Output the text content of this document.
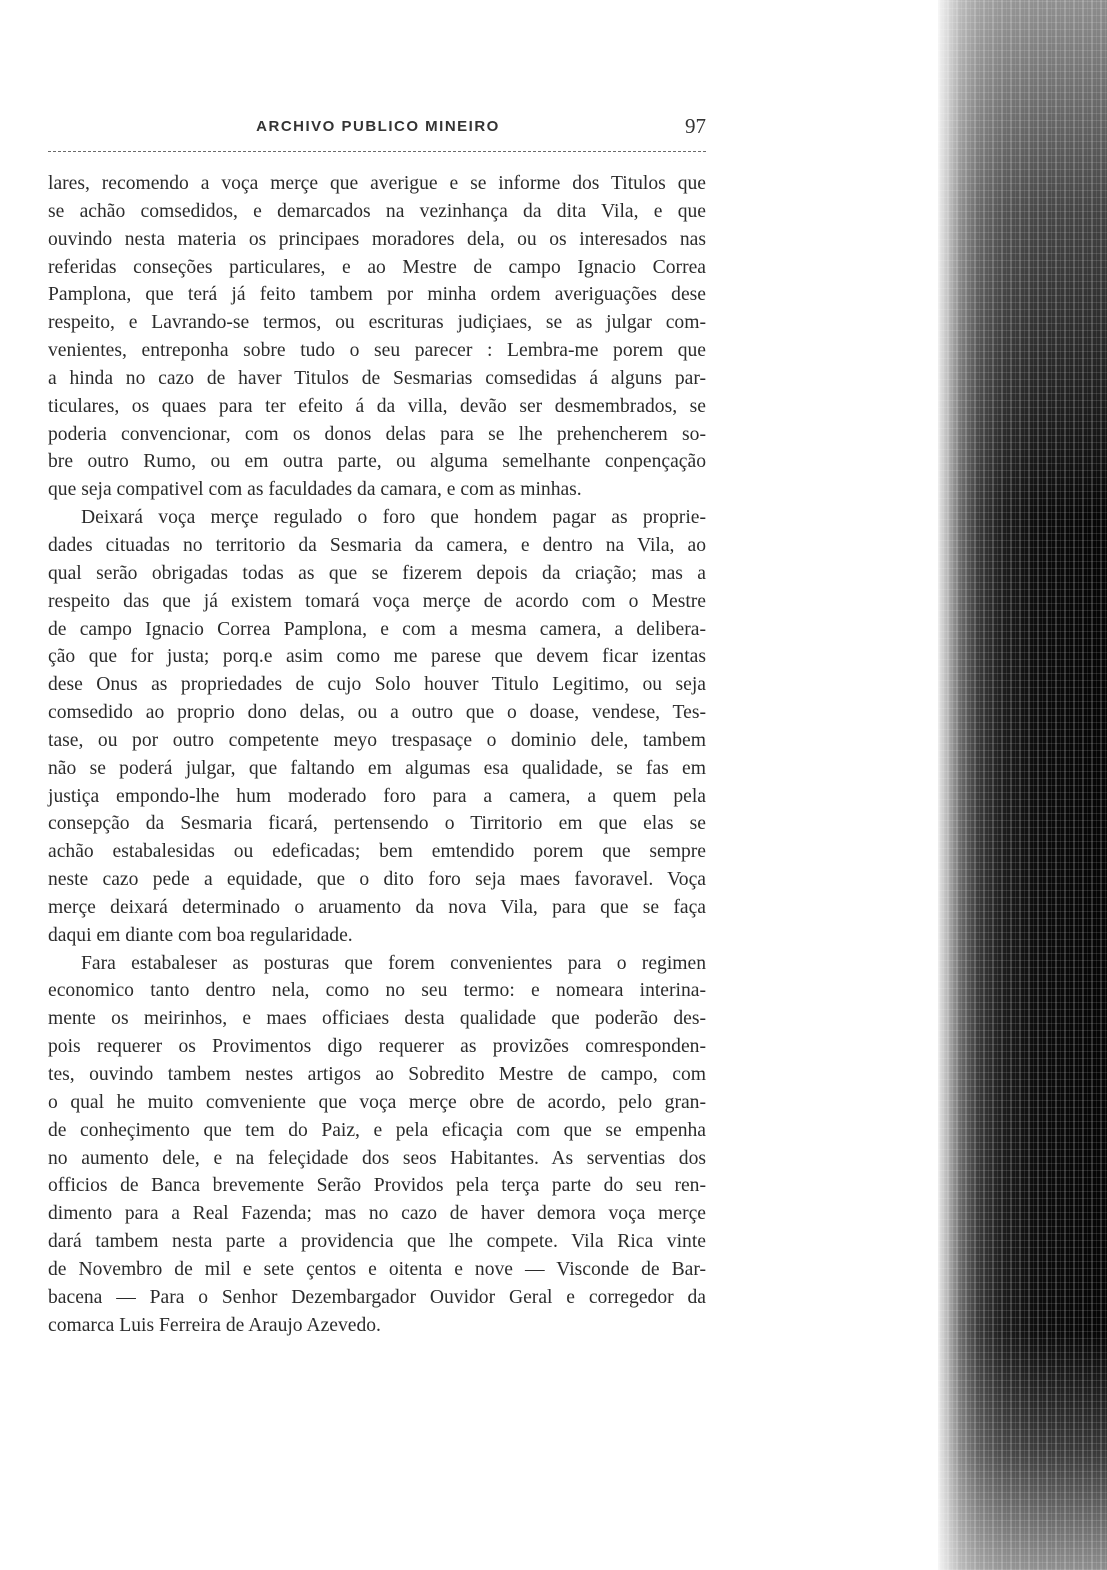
ARCHIVO PUBLICO MINEIRO	97

lares, recomendo a voça merçe que averigue e se informe dos Titulos que
se achão comsedidos, e demarcados na vezinhança da dita Vila, e que
ouvindo nesta materia os principaes moradores dela, ou os interesados nas
referidas conseções particulares, e ao Mestre de campo Ignacio Correa
Pamplona, que terá já feito tambem por minha ordem averiguações dese
respeito, e Lavrando-se termos, ou escrituras judiçiaes, se as julgar com-
venientes, entreponha sobre tudo o seu parecer : Lembra-me porem que
a hinda no cazo de haver Titulos de Sesmarias comsedidas á alguns par-
ticulares, os quaes para ter efeito á da villa, devão ser desmembrados, se
poderia convencionar, com os donos delas para se lhe prehencherem so-
bre outro Rumo, ou em outra parte, ou alguma semelhante conpençação
que seja compativel com as faculdades da camara, e com as minhas.

Deixará voça merçe regulado o foro que hondem pagar as proprie-
dades cituadas no territorio da Sesmaria da camera, e dentro na Vila, ao
qual serão obrigadas todas as que se fizerem depois da criação; mas a
respeito das que já existem tomará voça merçe de acordo com o Mestre
de campo Ignacio Correa Pamplona, e com a mesma camera, a delibera-
ção que for justa; porq.e asim como me parese que devem ficar izentas
dese Onus as propriedades de cujo Solo houver Titulo Legitimo, ou seja
comsedido ao proprio dono delas, ou a outro que o doase, vendese, Tes-
tase, ou por outro competente meyo trespasaçe o dominio dele, tambem
não se poderá julgar, que faltando em algumas esa qualidade, se fas em
justiça empondo-lhe hum moderado foro para a camera, a quem pela
consepção da Sesmaria ficará, pertensendo o Tirritorio em que elas se
achão estabalesidas ou edeficadas; bem emtendido porem que sempre
neste cazo pede a equidade, que o dito foro seja maes favoravel. Voça
merçe deixará determinado o aruamento da nova Vila, para que se faça
daqui em diante com boa regularidade.

Fara estabaleser as posturas que forem convenientes para o regimen
economico tanto dentro nela, como no seu termo: e nomeara interina-
mente os meirinhos, e maes officiaes desta qualidade que poderão des-
pois requerer os Provimentos digo requerer as provizões comresponden-
tes, ouvindo tambem nestes artigos ao Sobredito Mestre de campo, com
o qual he muito comveniente que voça merçe obre de acordo, pelo gran-
de conheçimento que tem do Paiz, e pela eficaçia com que se empenha
no aumento dele, e na feleçidade dos seos Habitantes. As serventias dos
officios de Banca brevemente Serão Providos pela terça parte do seu ren-
dimento para a Real Fazenda; mas no cazo de haver demora voça merçe
dará tambem nesta parte a providencia que lhe compete. Vila Rica vinte
de Novembro de mil e sete çentos e oitenta e nove — Visconde de Bar-
bacena — Para o Senhor Dezembargador Ouvidor Geral e corregedor da
comarca Luis Ferreira de Araujo Azevedo.
